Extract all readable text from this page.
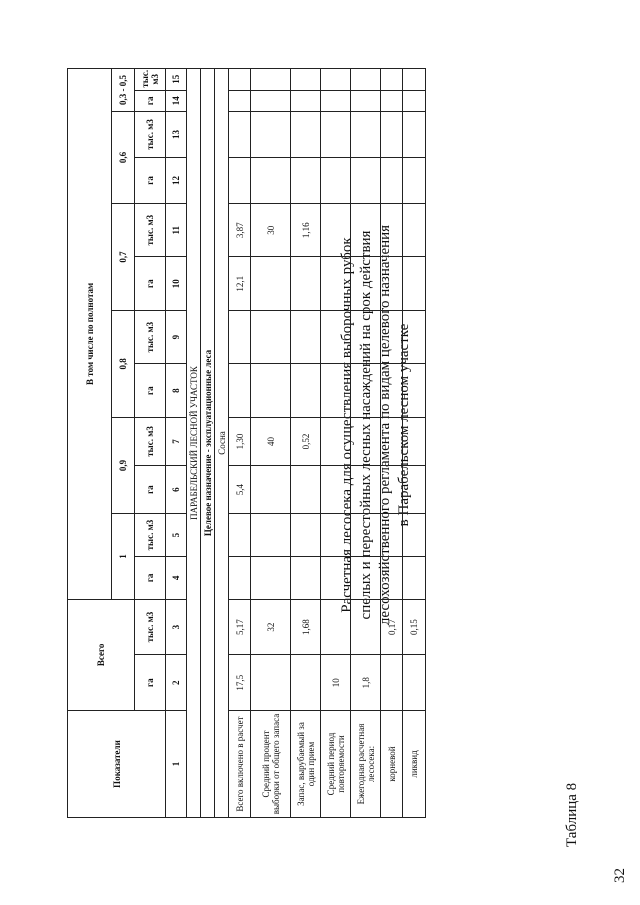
32
Таблица 8
Расчетная лесосека для осуществления выборочных рубок спелых и перестойных лесных насаждений на срок действия лесохозяйственного регламента по видам целевого назначения в Парабельском лесном участке
Показатели	Всего		В том числе по полнотам											
			1		0,9		0,8		0,7		0,6		0,3 - 0,5	
	га	тыс. м3	га	тыс. м3	га	тыс. м3	га	тыс. м3	га	тыс. м3	га	тыс. м3	га	тыс. м3
1	2	3	4	5	6	7	8	9	10	11	12	13	14	15
ПАРАБЕЛЬСКИЙ ЛЕСНОЙ УЧАСТОК														
Целевое назначение - эксплуатационные леса														
Сосна														
Всего включено в расчет	17,5	5,17			5,4	1,30			12,1	3,87				
Средний процент выборки от общего запаса		32				40				30				
Запас, вырубаемый за один прием		1,68				0,52				1,16				
Средний период повторяемости	10													
Ежегодная расчетная лесосека:	1,8													
корневой		0,17												
ликвид		0,15												
